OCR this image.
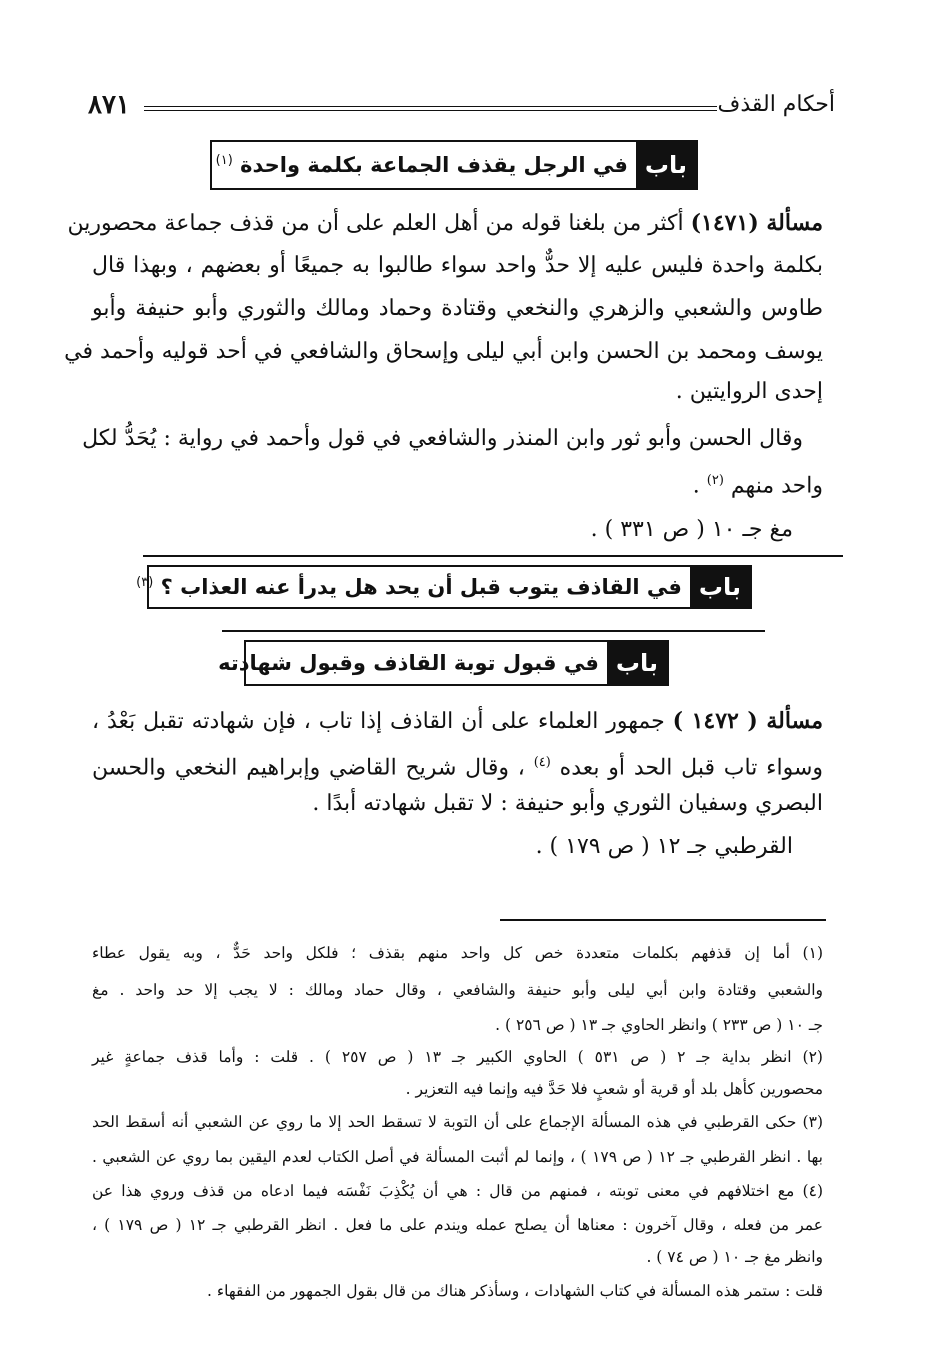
أحكام القذف
٨٧١
باب
في الرجل يقذف الجماعة بكلمة واحدة $^{(١)}$
مسألة (١٤٧١) أكثر من بلغنا قوله من أهل العلم على أن من قذف جماعة محصورين
بكلمة واحدة فليس عليه إلا حدٌّ واحد سواء طالبوا به جميعًا أو بعضهم ، وبهذا قال
طاوس والشعبي والزهري والنخعي وقتادة وحماد ومالك والثوري وأبو حنيفة وأبو
يوسف ومحمد بن الحسن وابن أبي ليلى وإسحاق والشافعي في أحد قوليه وأحمد في
إحدى الروايتين .
وقال الحسن وأبو ثور وابن المنذر والشافعي في قول وأحمد في رواية : يُحَدُّ لكل
واحد منهم $^{(٢)}$ .
مغ جـ ١٠ ( ص ٣٣١ ) .
باب
في القاذف يتوب قبل أن يحد هل يدرأ عنه العذاب ؟ $^{(٣)}$
باب
في قبول توبة القاذف وقبول شهادته
مسألة ( ١٤٧٢ ) جمهور العلماء على أن القاذف إذا تاب ، فإن شهادته تقبل بَعْدُ ،
وسواء تاب قبل الحد أو بعده $^{(٤)}$ ، وقال شريح القاضي وإبراهيم النخعي والحسن
البصري وسفيان الثوري وأبو حنيفة : لا تقبل شهادته أبدًا .
القرطبي جـ ١٢ ( ص ١٧٩ ) .
(١) أما إن قذفهم بكلمات متعددة خص كل واحد منهم بقذف ؛ فلكل واحد حَدٌّ ، وبه يقول عطاء
والشعبي وقتادة وابن أبي ليلى وأبو حنيفة والشافعي ، وقال حماد ومالك : لا يجب إلا حد واحد . مغ
جـ ١٠ ( ص ٢٣٣ ) وانظر الحاوي جـ ١٣ ( ص ٢٥٦ ) .
(٢) انظر بداية جـ ٢ ( ص ٥٣١ ) الحاوي الكبير جـ ١٣ ( ص ٢٥٧ ) . قلت : وأما قذف جماعةٍ غير
محصورين كأهل بلد أو قرية أو شعبٍ فلا حَدَّ فيه وإنما فيه التعزير .
(٣) حكى القرطبي في هذه المسألة الإجماع على أن التوبة لا تسقط الحد إلا ما روي عن الشعبي أنه أسقط الحد
بها . انظر القرطبي جـ ١٢ ( ص ١٧٩ ) ، وإنما لم أثبت المسألة في أصل الكتاب لعدم اليقين بما روي عن الشعبي .
(٤) مع اختلافهم في معنى توبته ، فمنهم من قال : هي أن يُكْذِبَ نَفْسَه فيما ادعاه من قذف وروي هذا عن
عمر من فعله ، وقال آخرون : معناها أن يصلح عمله ويندم على ما فعل . انظر القرطبي جـ ١٢ ( ص ١٧٩ ) ،
وانظر مغ جـ ١٠ ( ص ٧٤ ) .
قلت : ستمر هذه المسألة في كتاب الشهادات ، وسأذكر هناك من قال بقول الجمهور من الفقهاء .
